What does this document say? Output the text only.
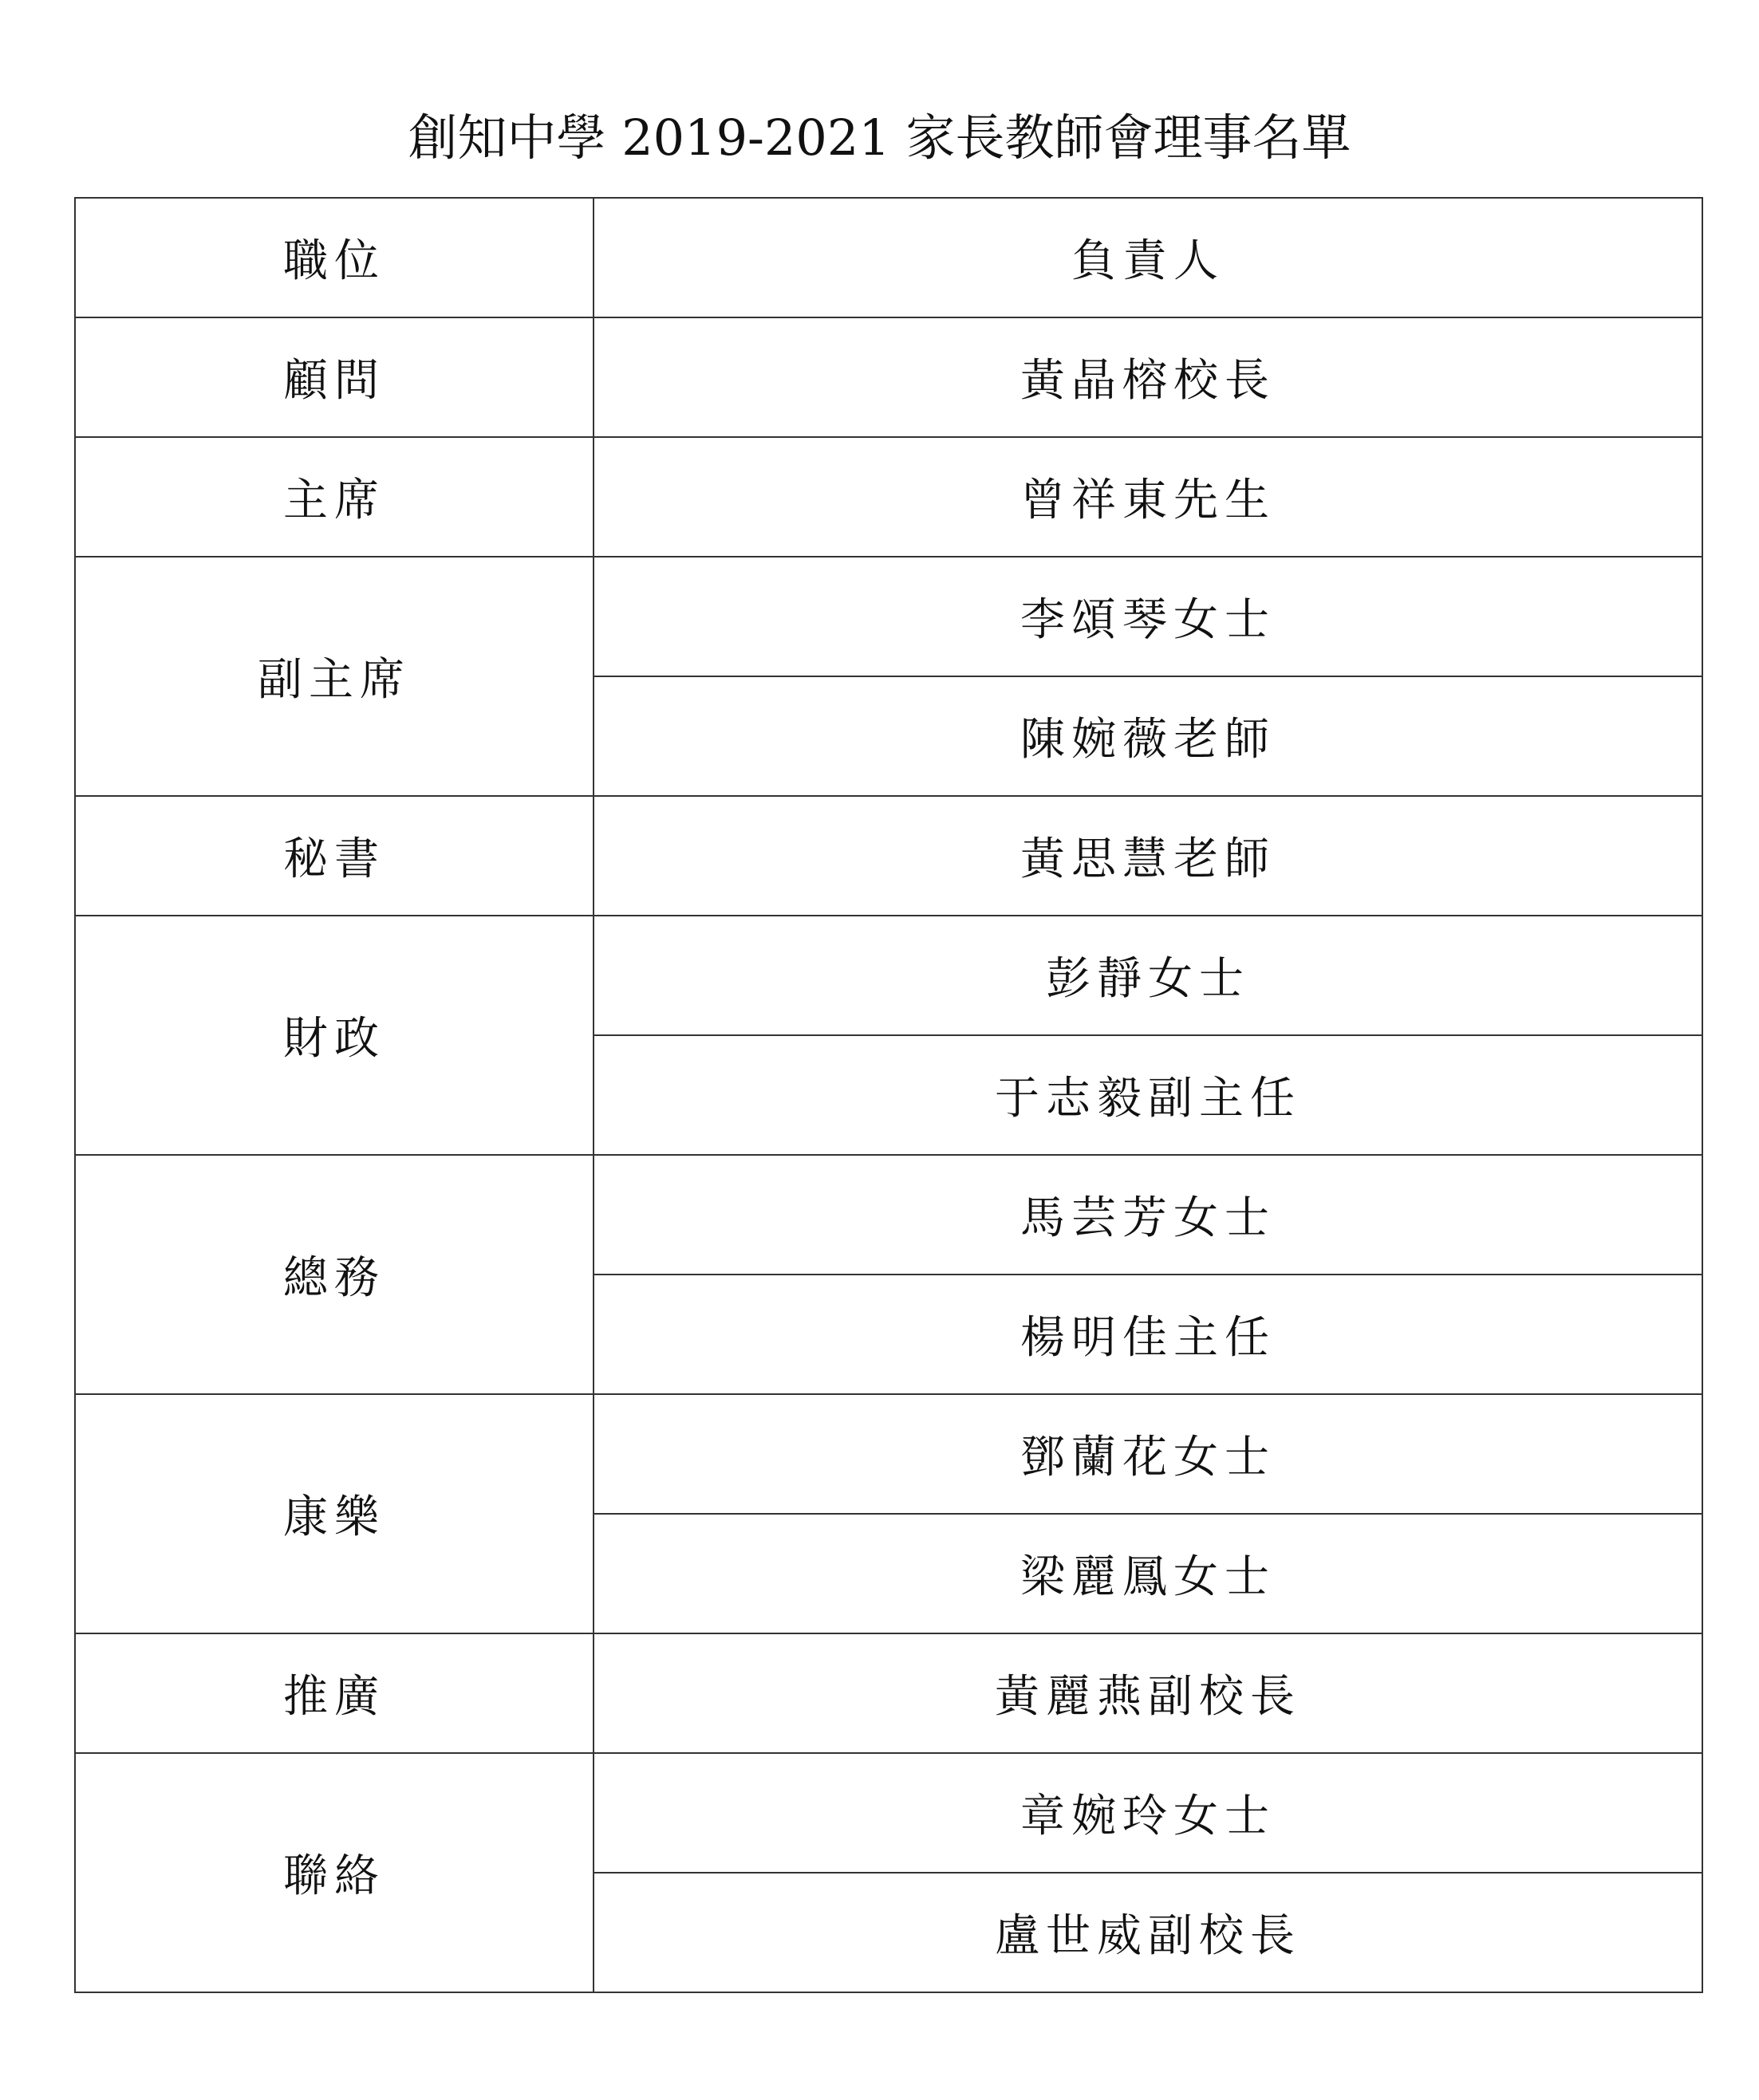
創知中學 2019-2021 家長教師會理事名單
職位	負責人
顧問	黃晶榕校長
主席	曾祥東先生
副主席	李頌琴女士
	陳婉薇老師
秘書	黃思慧老師
財政	彭靜女士
	于志毅副主任
總務	馬芸芳女士
	楊明佳主任
康樂	鄧蘭花女士
	梁麗鳳女士
推廣	黃麗燕副校長
聯絡	章婉玲女士
	盧世威副校長
